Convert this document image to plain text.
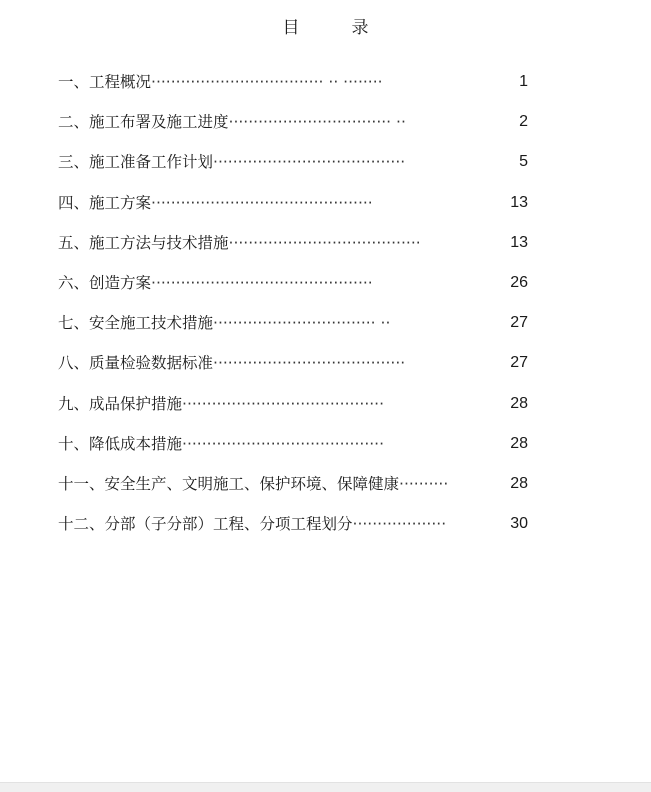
目	录
一、工程概况··································· ·· ········	1
二、施工布署及施工进度································· ··	2
三、施工准备工作计划·······································	5
四、施工方案·············································	13
五、施工方法与技术措施·······································	13
六、创造方案·············································	26
七、安全施工技术措施································· ··	27
八、质量检验数据标准·······································	27
九、成品保护措施·········································	28
十、降低成本措施·········································	28
十一、安全生产、文明施工、保护环境、保障健康··········	28
十二、分部（子分部）工程、分项工程划分···················	30
